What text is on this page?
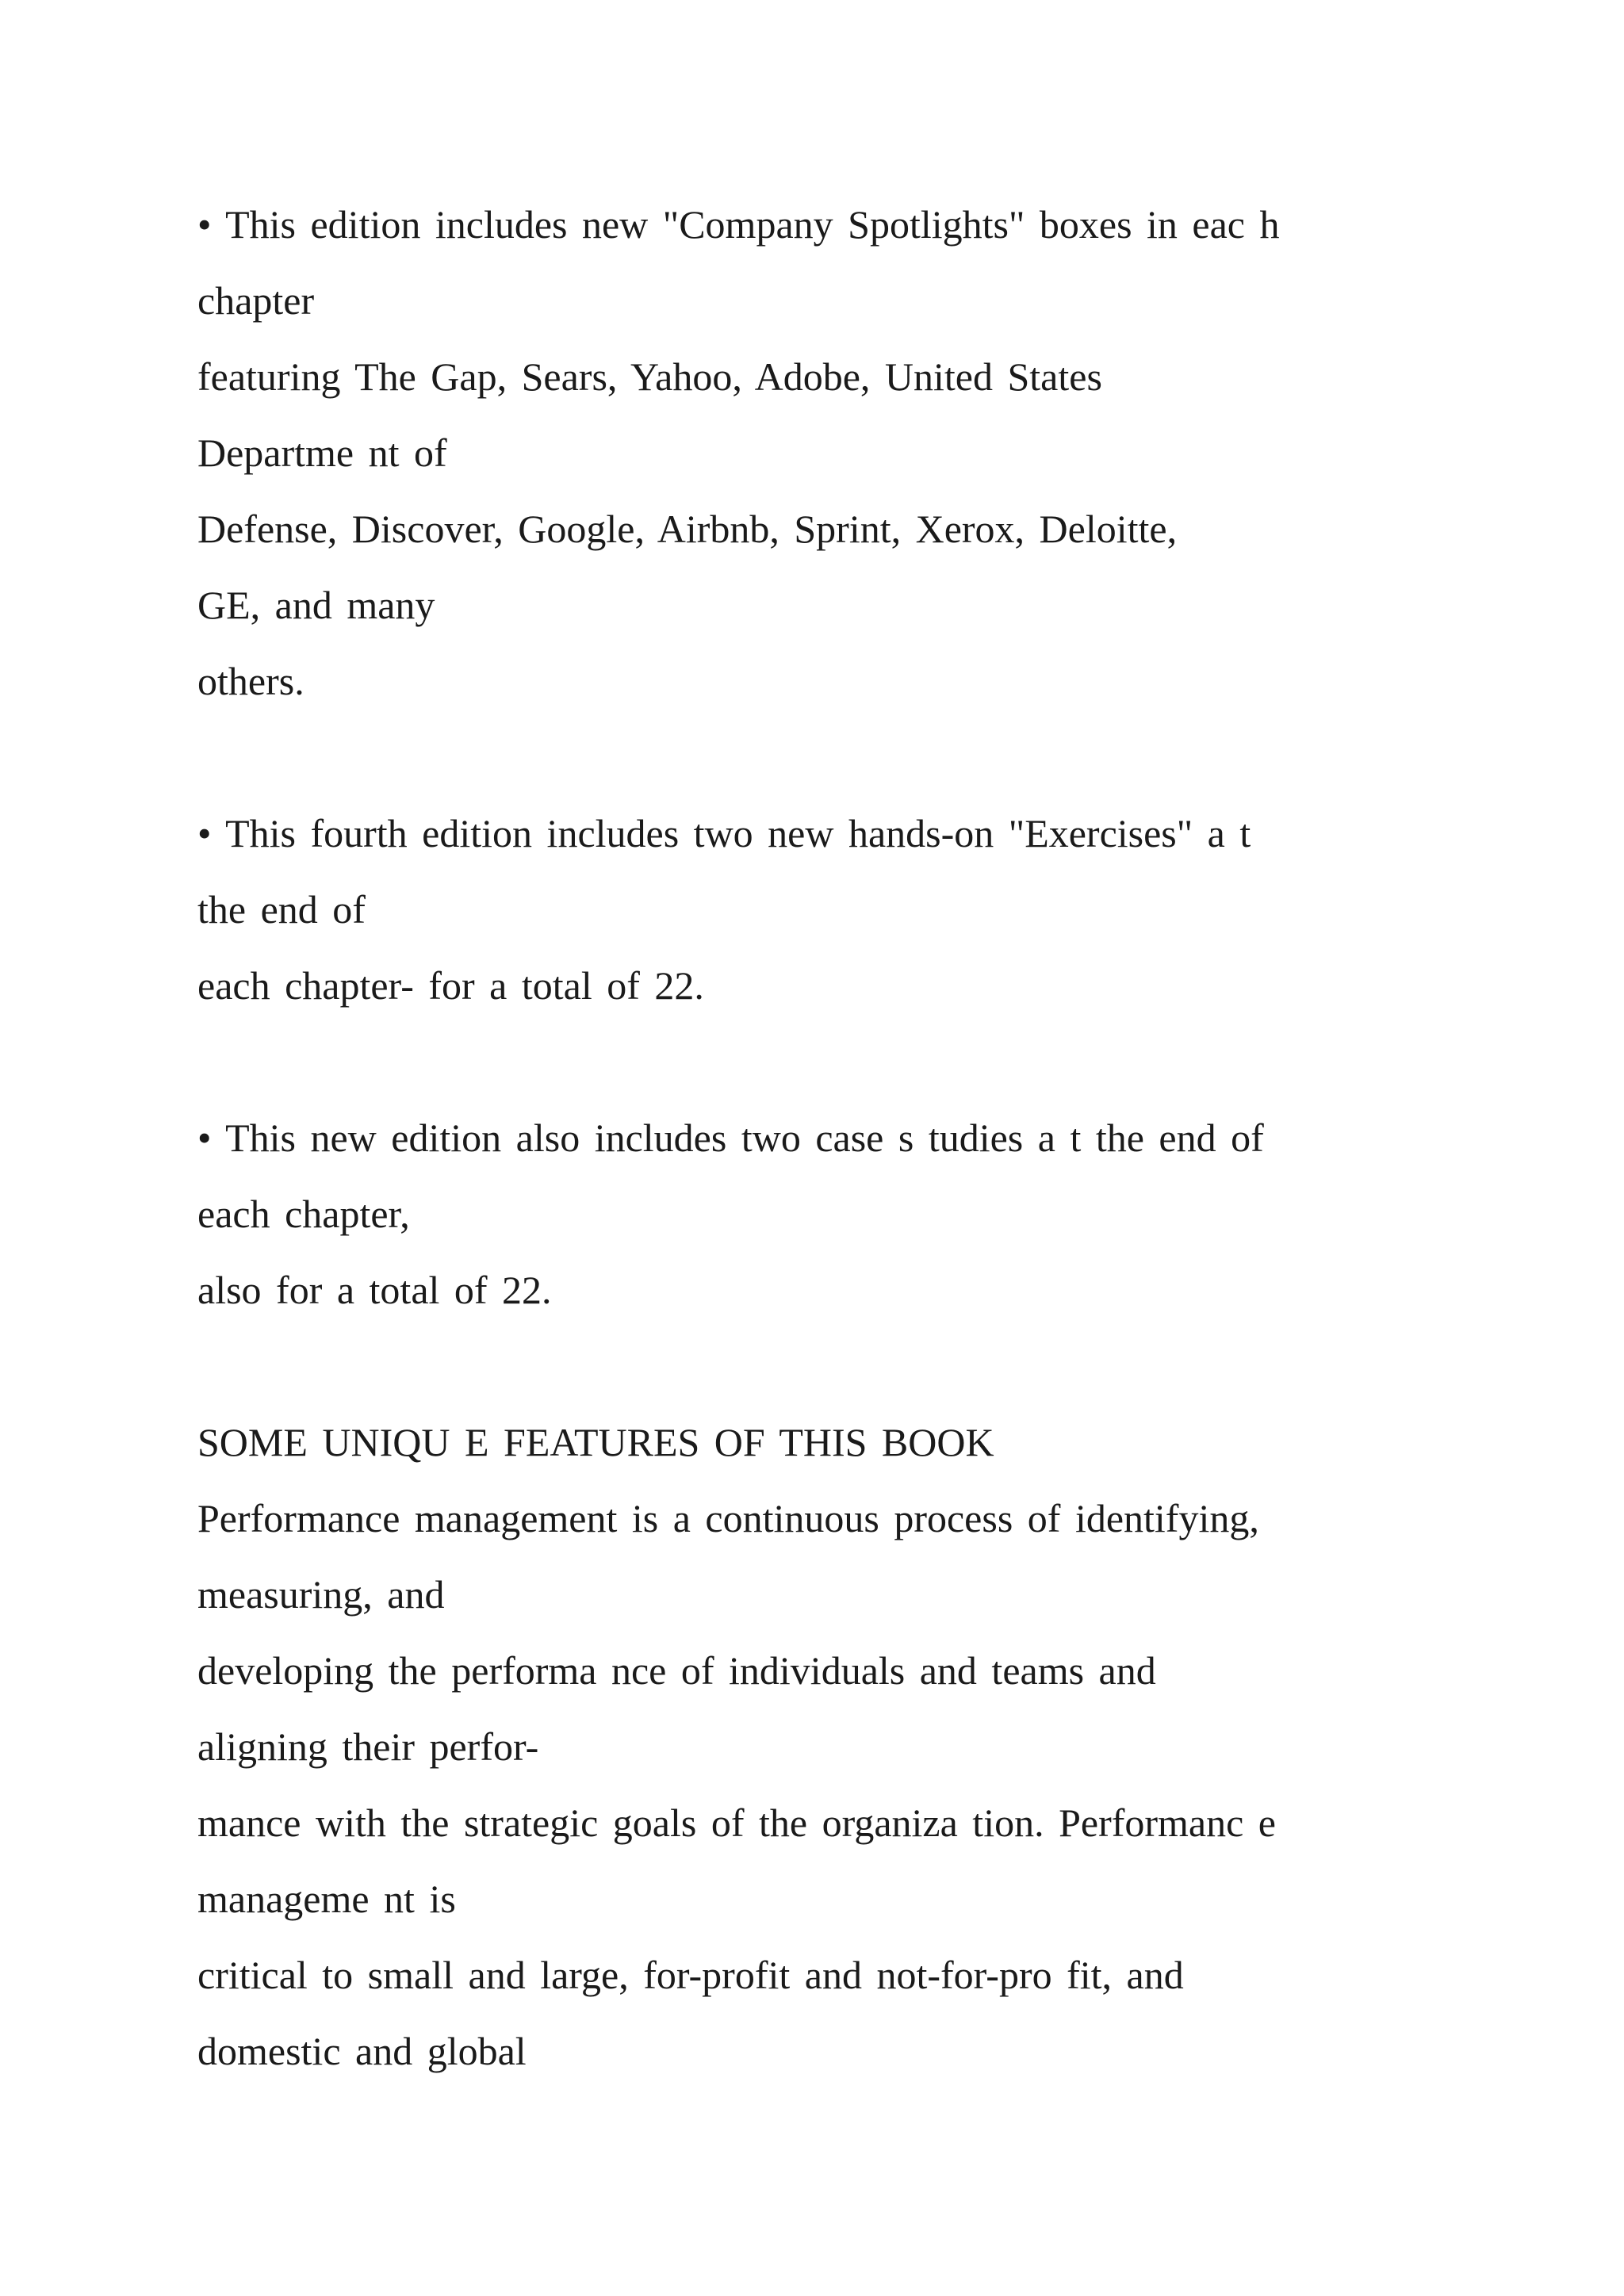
• This edition includes new "Company Spotlights" boxes in eac h
chapter
featuring The Gap, Sears, Yahoo, Adobe, United States
Departme nt of
Defense, Discover, Google, Airbnb, Sprint, Xerox, Deloitte,
GE, and many
others.
• This fourth edition includes two new hands-on "Exercises" a t
the end of
each chapter- for a total of 22.
• This new edition also includes two case s tudies a t the end of
each chapter,
also for a total of 22.
SOME UNIQU E FEATURES OF THIS BOOK
Performance management is a continuous process of identifying,
measuring, and
developing the performa nce of individuals and teams and
aligning their perfor-
mance with the strategic goals of the organiza tion. Performanc e
manageme nt is
critical to small and large, for-profit and not-for-pro fit, and
domestic and global
